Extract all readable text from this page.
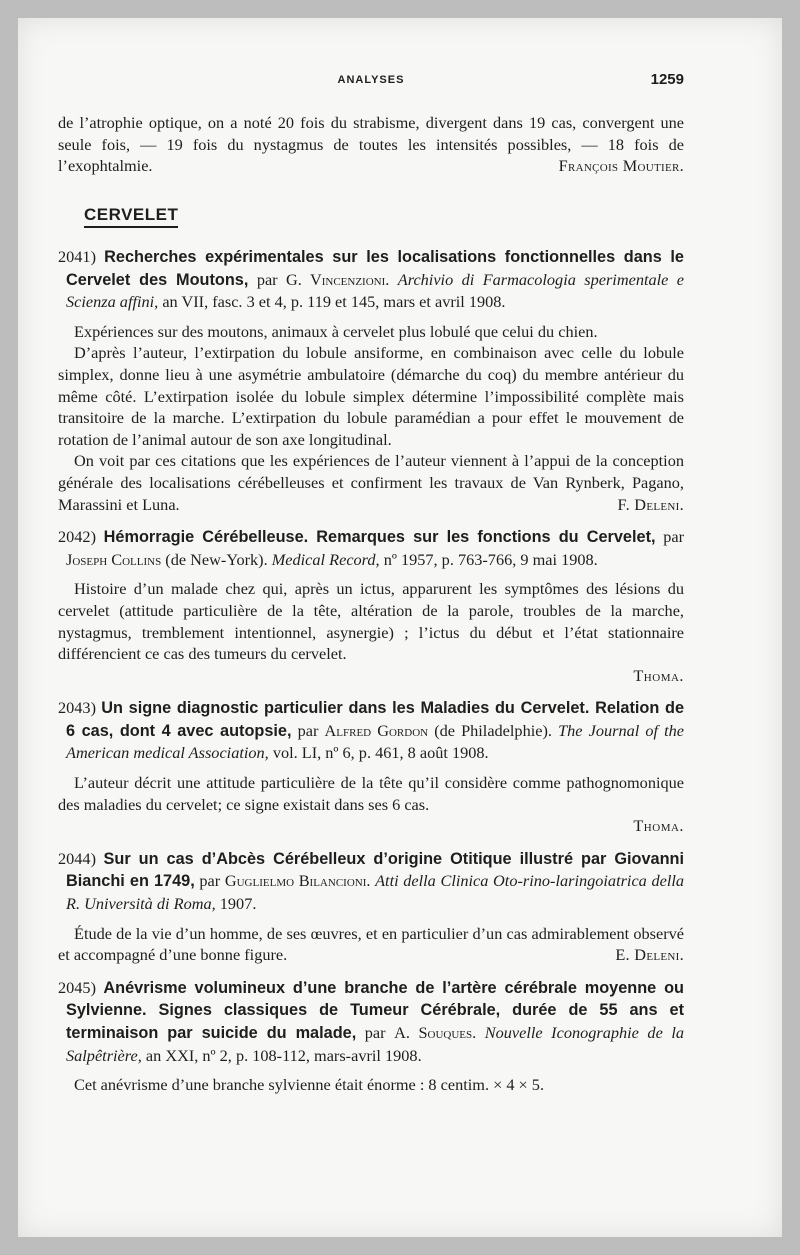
ANALYSES	1259

de l’atrophie optique, on a noté 20 fois du strabisme, divergent dans 19 cas, convergent une seule fois, — 19 fois du nystagmus de toutes les intensités possibles, — 18 fois de l’exophtalmie.	François Moutier.

CERVELET

2041) Recherches expérimentales sur les localisations fonctionnelles dans le Cervelet des Moutons, par G. Vincenzioni. Archivio di Farmacologia sperimentale e Scienza affini, an VII, fasc. 3 et 4, p. 119 et 145, mars et avril 1908.

Expériences sur des moutons, animaux à cervelet plus lobulé que celui du chien.

D’après l’auteur, l’extirpation du lobule ansiforme, en combinaison avec celle du lobule simplex, donne lieu à une asymétrie ambulatoire (démarche du coq) du membre antérieur du même côté. L’extirpation isolée du lobule simplex détermine l’impossibilité complète mais transitoire de la marche. L’extirpation du lobule paramédian a pour effet le mouvement de rotation de l’animal autour de son axe longitudinal.

On voit par ces citations que les expériences de l’auteur viennent à l’appui de la conception générale des localisations cérébelleuses et confirment les travaux de Van Rynberk, Pagano, Marassini et Luna.	F. Deleni.

2042) Hémorragie Cérébelleuse. Remarques sur les fonctions du Cervelet, par Joseph Collins (de New-York). Medical Record, nº 1957, p. 763-766, 9 mai 1908.

Histoire d’un malade chez qui, après un ictus, apparurent les symptômes des lésions du cervelet (attitude particulière de la tête, altération de la parole, troubles de la marche, nystagmus, tremblement intentionnel, asynergie) ; l’ictus du début et l’état stationnaire différencient ce cas des tumeurs du cervelet.

Thoma.

2043) Un signe diagnostic particulier dans les Maladies du Cervelet. Relation de 6 cas, dont 4 avec autopsie, par Alfred Gordon (de Philadelphie). The Journal of the American medical Association, vol. LI, nº 6, p. 461, 8 août 1908.

L’auteur décrit une attitude particulière de la tête qu’il considère comme pathognomonique des maladies du cervelet; ce signe existait dans ses 6 cas.

Thoma.

2044) Sur un cas d’Abcès Cérébelleux d’origine Otitique illustré par Giovanni Bianchi en 1749, par Guglielmo Bilancioni. Atti della Clinica Oto-rino-laringoiatrica della R. Università di Roma, 1907.

Étude de la vie d’un homme, de ses œuvres, et en particulier d’un cas admirablement observé et accompagné d’une bonne figure.	E. Deleni.

2045) Anévrisme volumineux d’une branche de l’artère cérébrale moyenne ou Sylvienne. Signes classiques de Tumeur Cérébrale, durée de 55 ans et terminaison par suicide du malade, par A. Souques. Nouvelle Iconographie de la Salpêtrière, an XXI, nº 2, p. 108-112, mars-avril 1908.

Cet anévrisme d’une branche sylvienne était énorme : 8 centim. × 4 × 5.
